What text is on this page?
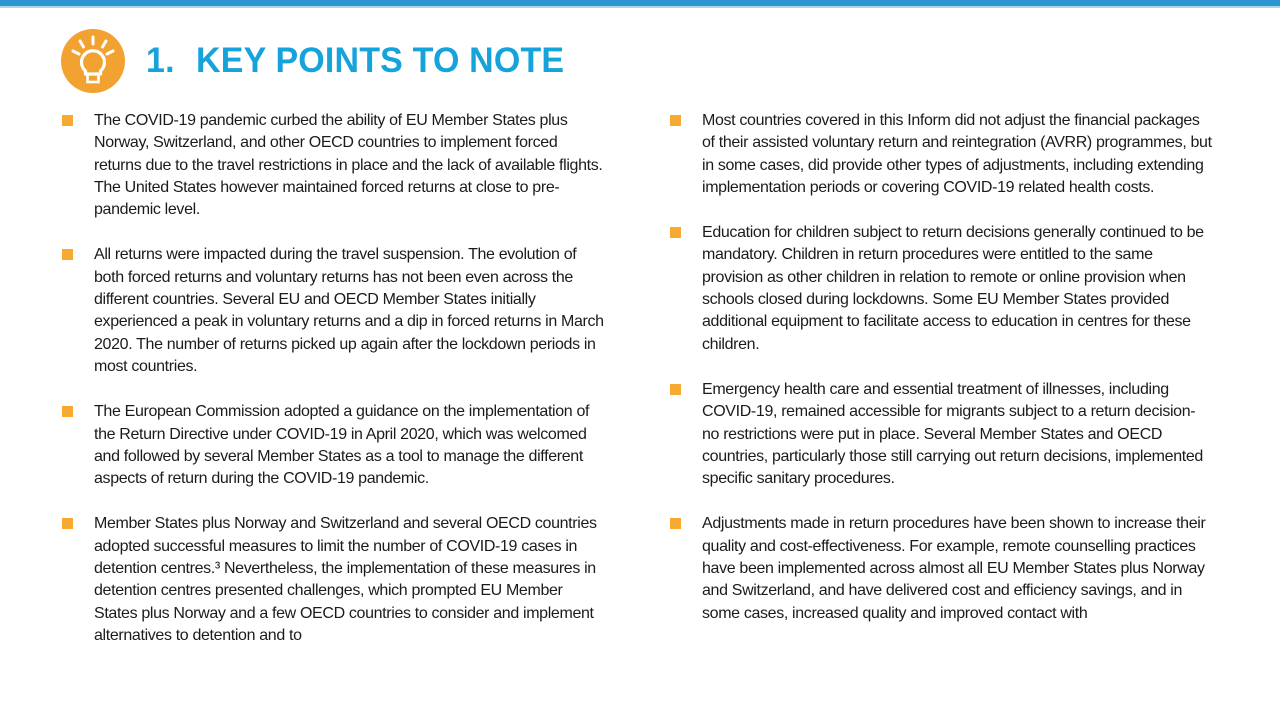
1. KEY POINTS TO NOTE

The COVID-19 pandemic curbed the ability of EU Member States plus Norway, Switzerland, and other OECD countries to implement forced returns due to the travel restrictions in place and the lack of available flights. The United States however maintained forced returns at close to pre-pandemic level.

All returns were impacted during the travel suspension. The evolution of both forced returns and voluntary returns has not been even across the different countries. Several EU and OECD Member States initially experienced a peak in voluntary returns and a dip in forced returns in March 2020. The number of returns picked up again after the lockdown periods in most countries.

The European Commission adopted a guidance on the implementation of the Return Directive under COVID-19 in April 2020, which was welcomed and followed by several Member States as a tool to manage the different aspects of return during the COVID-19 pandemic.

Member States plus Norway and Switzerland and several OECD countries adopted successful measures to limit the number of COVID-19 cases in detention centres.³ Nevertheless, the implementation of these measures in detention centres presented challenges, which prompted EU Member States plus Norway and a few OECD countries to consider and implement alternatives to detention and to

Most countries covered in this Inform did not adjust the financial packages of their assisted voluntary return and reintegration (AVRR) programmes, but in some cases, did provide other types of adjustments, including extending implementation periods or covering COVID-19 related health costs.

Education for children subject to return decisions generally continued to be mandatory. Children in return procedures were entitled to the same provision as other children in relation to remote or online provision when schools closed during lockdowns. Some EU Member States provided additional equipment to facilitate access to education in centres for these children.

Emergency health care and essential treatment of illnesses, including COVID-19, remained accessible for migrants subject to a return decision- no restrictions were put in place. Several Member States and OECD countries, particularly those still carrying out return decisions, implemented specific sanitary procedures.

Adjustments made in return procedures have been shown to increase their quality and cost-effectiveness. For example, remote counselling practices have been implemented across almost all EU Member States plus Norway and Switzerland, and have delivered cost and efficiency savings, and in some cases, increased quality and improved contact with
